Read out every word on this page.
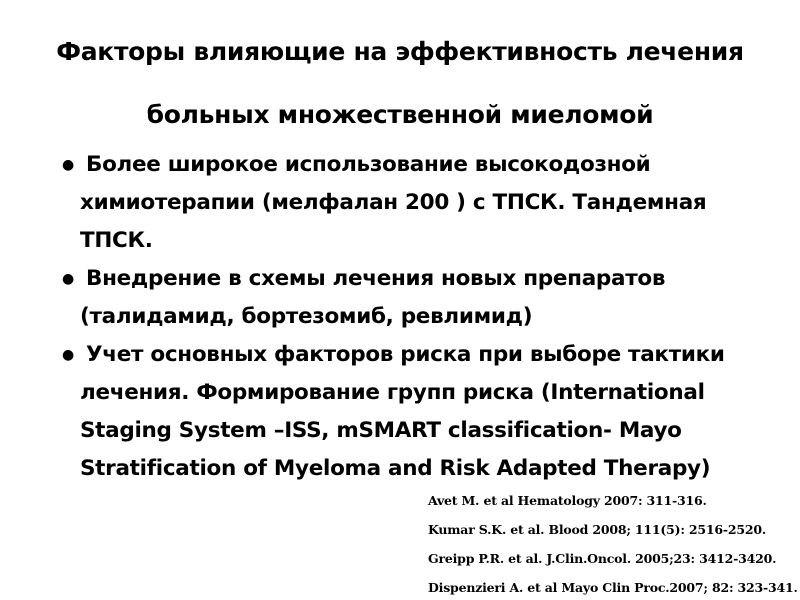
Факторы влияющие на эффективность лечения
больных множественной миеломой
● Более широкое использование высокодозной
химиотерапии (мелфалан 200 ) с ТПСК. Тандемная
ТПСК.
● Внедрение в схемы лечения новых препаратов
(талидамид, бортезомиб, ревлимид)
● Учет основных факторов риска при выборе тактики
лечения. Формирование групп риска (International
Staging System –ISS, mSMART classification- Mayo
Stratification of Myeloma and Risk Adapted Therapy)
Avet M. et al Hematology 2007: 311-316.
Kumar S.K. et al. Blood 2008; 111(5): 2516-2520.
Greipp P.R. et al. J.Clin.Oncol. 2005;23: 3412-3420.
Dispenzieri A. et al Mayo Clin Proc.2007; 82: 323-341.
